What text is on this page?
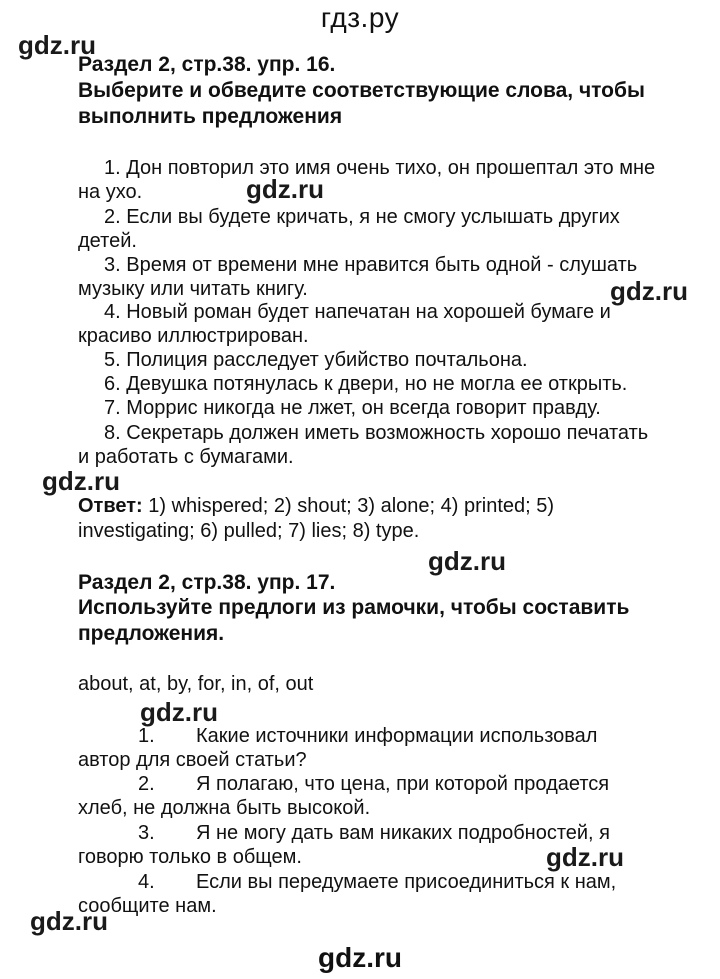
гдз.ру
gdz.ru
Раздел 2, стр.38. упр. 16.
Выберите и обведите соответствующие слова, чтобы
выполнить предложения
1. Дон повторил это имя очень тихо, он прошептал это мне
на ухо.	gdz.ru
2. Если вы будете кричать, я не смогу услышать других
детей.
3. Время от времени мне нравится быть одной - слушать
музыку или читать книгу.	gdz.ru
4. Новый роман будет напечатан на хорошей бумаге и
красиво иллюстрирован.
5. Полиция расследует убийство почтальона.
6. Девушка потянулась к двери, но не могла ее открыть.
7. Моррис никогда не лжет, он всегда говорит правду.
8. Секретарь должен иметь возможность хорошо печатать
и работать с бумагами.
gdz.ru
Ответ: 1) whispered; 2) shout; 3) alone; 4) printed; 5)
investigating; 6) pulled; 7) lies; 8) type.
gdz.ru
Раздел 2, стр.38. упр. 17.
Используйте предлоги из рамочки, чтобы составить
предложения.
about, at, by, for, in, of, out
gdz.ru
1. Какие источники информации использовал
автор для своей статьи?
2. Я полагаю, что цена, при которой продается
хлеб, не должна быть высокой.
3. Я не могу дать вам никаких подробностей, я
говорю только в общем.	gdz.ru
4. Если вы передумаете присоединиться к нам,
сообщите нам.
gdz.ru
gdz.ru
